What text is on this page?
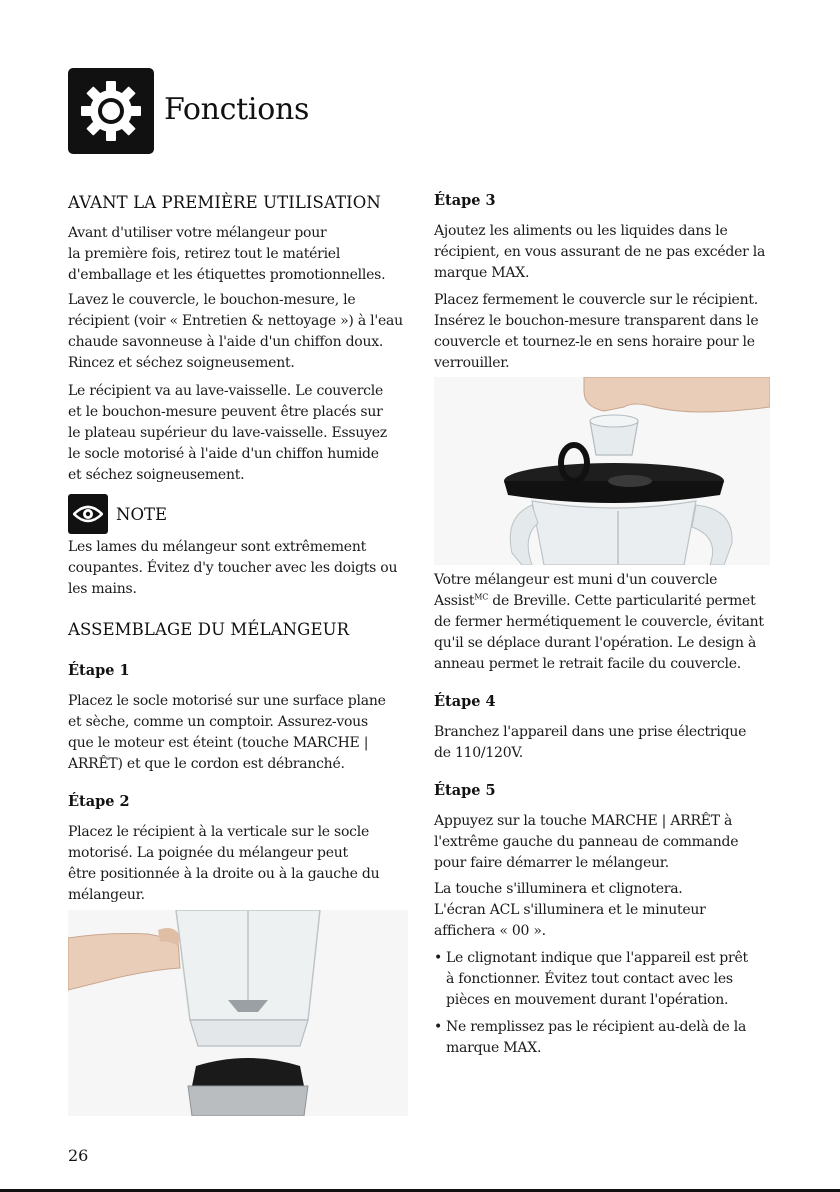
Fonctions
AVANT LA PREMIÈRE UTILISATION
Avant d'utiliser votre mélangeur pour
la première fois, retirez tout le matériel
d'emballage et les étiquettes promotionnelles.
Lavez le couvercle, le bouchon-mesure, le
récipient (voir « Entretien & nettoyage ») à l'eau
chaude savonneuse à l'aide d'un chiffon doux.
Rincez et séchez soigneusement.
Le récipient va au lave-vaisselle. Le couvercle
et le bouchon-mesure peuvent être placés sur
le plateau supérieur du lave-vaisselle. Essuyez
le socle motorisé à l'aide d'un chiffon humide
et séchez soigneusement.
NOTE
Les lames du mélangeur sont extrêmement
coupantes. Évitez d'y toucher avec les doigts ou
les mains.
ASSEMBLAGE DU MÉLANGEUR
Étape 1
Placez le socle motorisé sur une surface plane
et sèche, comme un comptoir. Assurez-vous
que le moteur est éteint (touche MARCHE |
ARRÊT) et que le cordon est débranché.
Étape 2
Placez le récipient à la verticale sur le socle
motorisé. La poignée du mélangeur peut
être positionnée à la droite ou à la gauche du
mélangeur.
Étape 3
Ajoutez les aliments ou les liquides dans le
récipient, en vous assurant de ne pas excéder la
marque MAX.
Placez fermement le couvercle sur le récipient.
Insérez le bouchon-mesure transparent dans le
couvercle et tournez-le en sens horaire pour le
verrouiller.
Votre mélangeur est muni d'un couvercle
Assist$^{MC}$ de Breville. Cette particularité permet
de fermer hermétiquement le couvercle, évitant
qu'il se déplace durant l'opération. Le design à
anneau permet le retrait facile du couvercle.
Étape 4
Branchez l'appareil dans une prise électrique
de 110/120V.
Étape 5
Appuyez sur la touche MARCHE | ARRÊT à
l'extrême gauche du panneau de commande
pour faire démarrer le mélangeur.
La touche s'illuminera et clignotera.
L'écran ACL s'illuminera et le minuteur
affichera « 00 ».
• Le clignotant indique que l'appareil est prêt
à fonctionner. Évitez tout contact avec les
pièces en mouvement durant l'opération.
• Ne remplissez pas le récipient au-delà de la
marque MAX.
26
